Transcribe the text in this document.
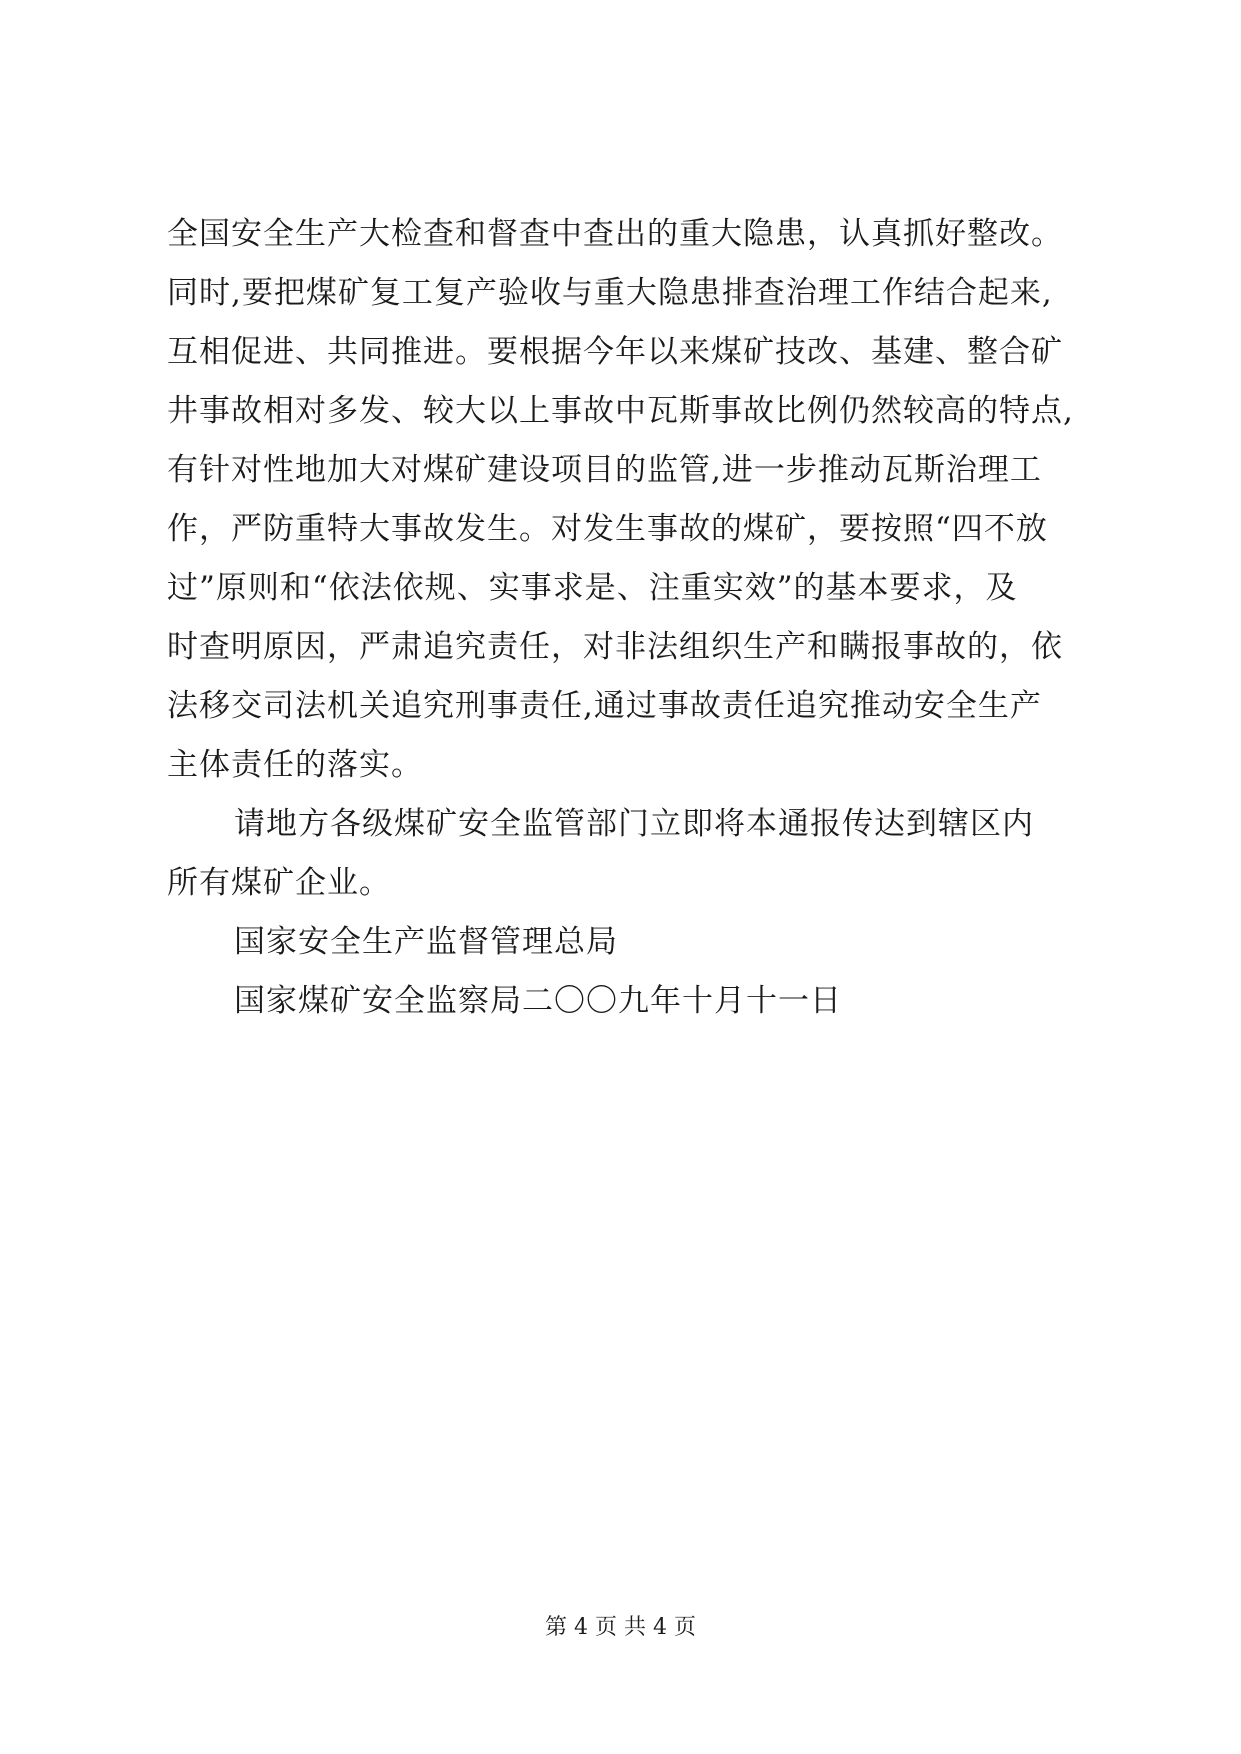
全国安全生产大检查和督查中查出的重大隐患，认真抓好整改。
同时,要把煤矿复工复产验收与重大隐患排查治理工作结合起来,
互相促进、共同推进。要根据今年以来煤矿技改、基建、整合矿
井事故相对多发、较大以上事故中瓦斯事故比例仍然较高的特点,
有针对性地加大对煤矿建设项目的监管,进一步推动瓦斯治理工
作，严防重特大事故发生。对发生事故的煤矿，要按照“四不放
过”原则和“依法依规、实事求是、注重实效”的基本要求，及
时查明原因，严肃追究责任，对非法组织生产和瞒报事故的，依
法移交司法机关追究刑事责任,通过事故责任追究推动安全生产
主体责任的落实。
请地方各级煤矿安全监管部门立即将本通报传达到辖区内
所有煤矿企业。
国家安全生产监督管理总局
国家煤矿安全监察局二〇〇九年十月十一日
第 4 页 共 4 页
